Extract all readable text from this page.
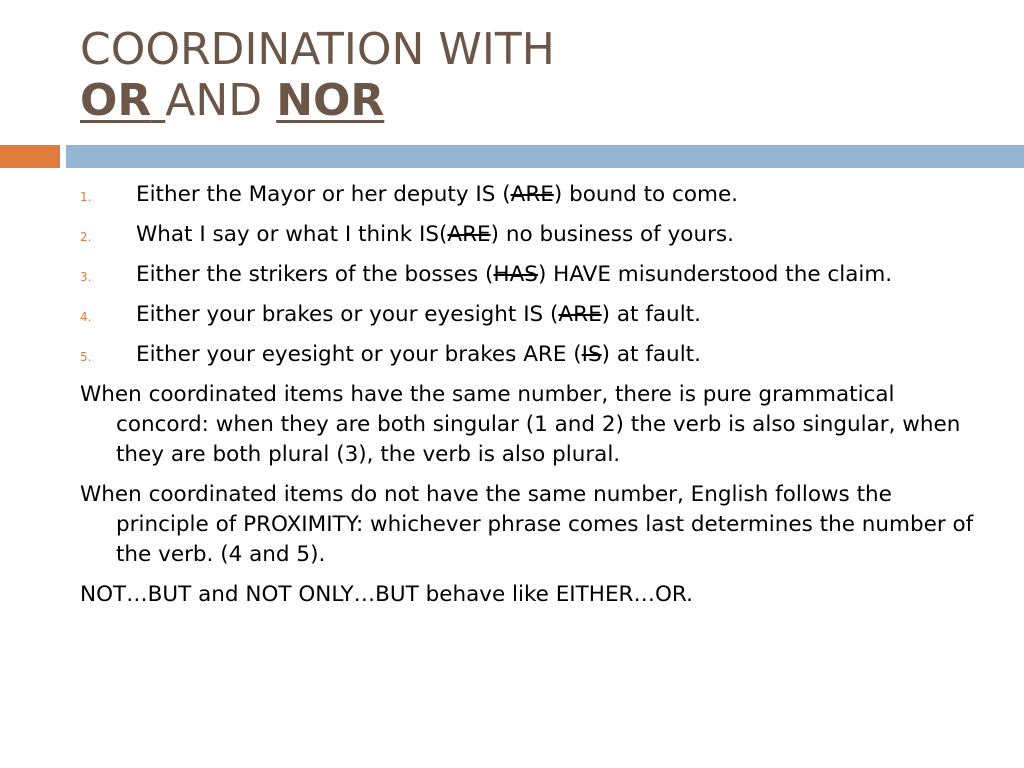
COORDINATION WITH
OR AND NOR
1. Either the Mayor or her deputy IS (ARE) bound to come.
2. What I say or what I think IS(ARE) no business of yours.
3. Either the strikers of the bosses (HAS) HAVE misunderstood the claim.
4. Either your brakes or your eyesight IS (ARE) at fault.
5. Either your eyesight or your brakes ARE (IS) at fault.
When coordinated items have the same number, there is pure grammatical concord: when they are both singular (1 and 2) the verb is also singular, when they are both plural (3), the verb is also plural.
When coordinated items do not have the same number, English follows the principle of PROXIMITY: whichever phrase comes last determines the number of the verb. (4 and 5).
NOT…BUT and NOT ONLY…BUT behave like EITHER…OR.
